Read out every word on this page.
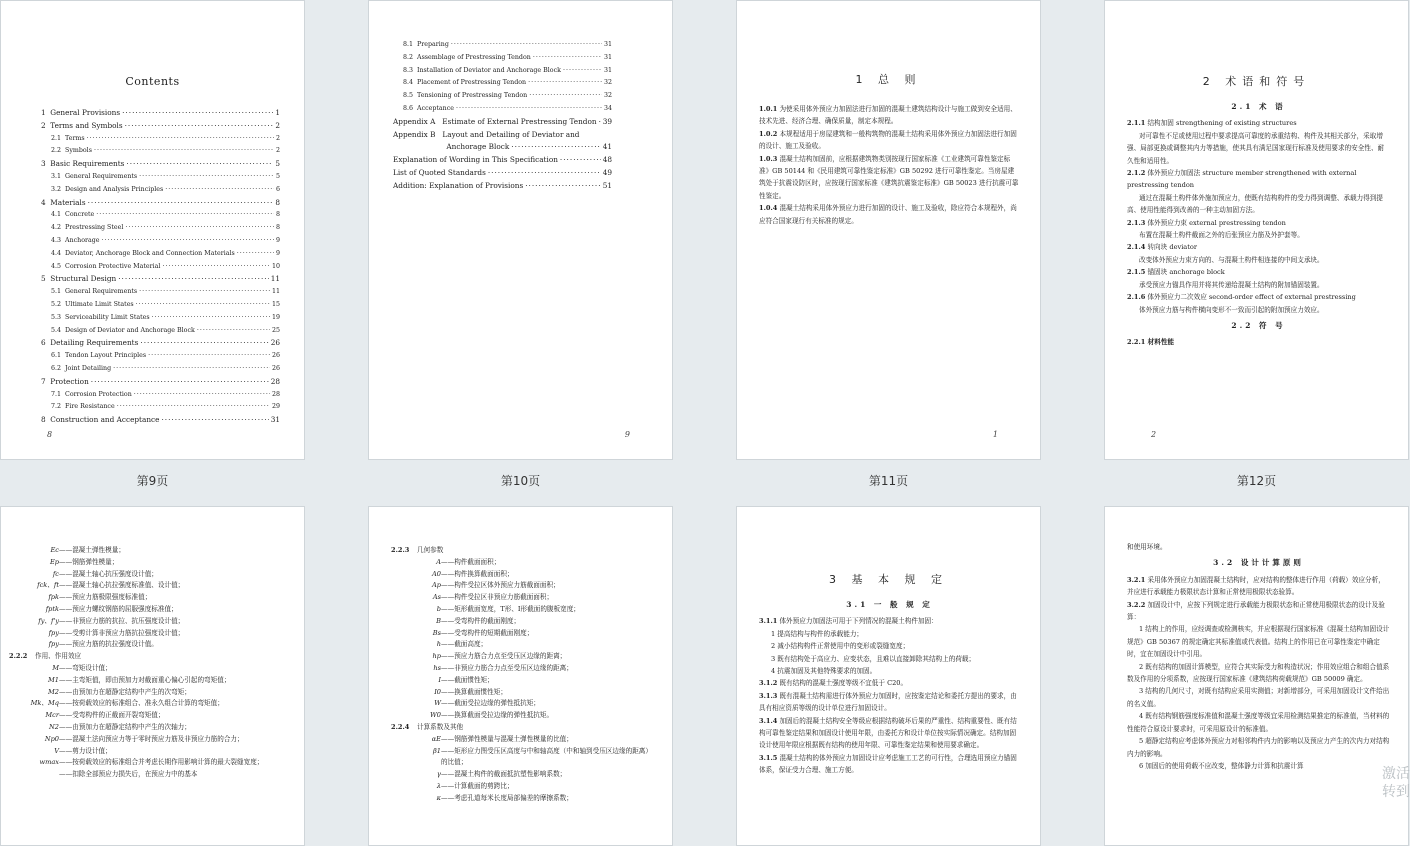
Contents
1  General Provisions ·····	1
2  Terms and Symbols ·····	2
2.1  Terms ·····	2
2.2  Symbols ·····	2
3  Basic Requirements ·····	5
3.1  General Requirements ·····	5
3.2  Design and Analysis Principles ·····	6
4  Materials ·····	8
4.1  Concrete ·····	8
4.2  Prestressing Steel ·····	8
4.3  Anchorage ·····	9
4.4  Deviator, Anchorage Block and Connection Materials ·····	9
4.5  Corrosion Protective Material ·····	10
5  Structural Design ·····	11
5.1  General Requirements ·····	11
5.2  Ultimate Limit States ·····	15
5.3  Serviceability Limit States ·····	19
5.4  Design of Deviator and Anchorage Block ·····	25
6  Detailing Requirements ·····	26
6.1  Tendon Layout Principles ·····	26
6.2  Joint Detailing ·····	26
7  Protection ·····	28
7.1  Corrosion Protection ·····	28
7.2  Fire Resistance ·····	29
8  Construction and Acceptance ·····	31
8
第9页
8.1  Preparing ·····	31
8.2  Assemblage of Prestressing Tendon ·····	31
8.3  Installation of Deviator and Anchorage Block ·····	31
8.4  Placement of Prestressing Tendon ·····	32
8.5  Tensioning of Prestressing Tendon ·····	32
8.6  Acceptance ·····	34
Appendix A   Estimate of External Prestressing Tendon ····· 39
Appendix B   Layout and Detailing of Deviator and
Anchorage Block ·····	41
Explanation of Wording in This Specification ·····	48
List of Quoted Standards ·····	49
Addition: Explanation of Provisions ·····	51
9
第10页
1 总 则

1.0.1 为使采用体外预应力加固法进行加固的混凝土建筑结构设计与施工做到安全适用、技术先进、经济合理、确保质量，制定本规程。

1.0.2 本规程适用于房屋建筑和一般构筑物的混凝土结构采用体外预应力加固法进行加固的设计、施工及验收。

1.0.3 混凝土结构加固前，应根据建筑物类别按现行国家标准《工业建筑可靠性鉴定标准》GB 50144 和《民用建筑可靠性鉴定标准》GB 50292 进行可靠性鉴定。当房屋建筑处于抗震设防区时，应按现行国家标准《建筑抗震鉴定标准》GB 50023 进行抗震可靠性鉴定。

1.0.4 混凝土结构采用体外预应力进行加固的设计、施工及验收，除应符合本规程外，尚应符合国家现行有关标准的规定。

1
第11页
2 术语和符号
2.1 术 语

2.1.1 结构加固 strengthening of existing structures

对可靠性不足或使用过程中要求提高可靠度的承重结构、构件及其相关部分，采取增强、局部更换或调整其内力等措施，使其具有满足国家现行标准及使用要求的安全性、耐久性和适用性。

2.1.2 体外预应力加固法 structure member strengthened with external prestressing tendon

通过在混凝土构件体外施加预应力，使既有结构构件的受力得到调整、承载力得到提高、使用性能得到改善的一种主动加固方法。

2.1.3 体外预应力束 external prestressing tendon

布置在混凝土构件截面之外的后张预应力筋及外护套等。

2.1.4 转向块 deviator

改变体外预应力束方向的、与混凝土构件相连接的中间支承块。

2.1.5 锚固块 anchorage block

承受预应力锚具作用并将其传递给混凝土结构的附加锚固装置。

2.1.6 体外预应力二次效应 second-order effect of external prestressing

体外预应力筋与构件横向变形不一致而引起的附加预应力效应。

2.2 符 号

2.2.1 材料性能

2
第12页
Ec ——混凝土弹性模量；
Ep ——钢筋弹性模量；
fc ——混凝土轴心抗压强度设计值；
fck、ft ——混凝土轴心抗拉强度标准值、设计值；
fpk ——预应力筋极限强度标准值；
fptk ——预应力螺纹钢筋的屈服强度标准值；
fy、f'y ——非预应力筋的抗拉、抗压强度设计值；
fpy ——受剪计算非预应力筋抗拉强度设计值；
fpy ——预应力筋的抗拉强度设计值。
2.2.2	作用、作用效应
M ——弯矩设计值；
M1 ——主弯矩值，即由预加力对截面重心偏心引起的弯矩值；
M2 ——由预加力在超静定结构中产生的次弯矩；
Mk、Mq ——按荷载效应的标准组合、准永久组合计算的弯矩值；
Mcr ——受弯构件的正截面开裂弯矩值；
N2 ——由预加力在超静定结构中产生的次轴力；
Np0 ——混凝土法向预应力等于零时预应力筋及非预应力筋的合力；
V ——剪力设计值；
wmax ——按荷载效应的标准组合并考虑长期作用影响计算的最大裂缝宽度；
——扣除全部预应力损失后，在预应力中的基本
2.2.3	几何参数
A ——构件截面面积；
A0 ——构件换算截面面积；
Ap ——构件受拉区体外预应力筋截面面积；
As ——构件受拉区非预应力筋截面面积；
b ——矩形截面宽度，T形、I形截面的腹板宽度；
B ——受弯构件的截面刚度；
Bs ——受弯构件的短期截面刚度；
h ——截面高度；
hp ——预应力筋合力点至受压区边缘的距离；
hs ——非预应力筋合力点至受压区边缘的距离；
I ——截面惯性矩；
I0 ——换算截面惯性矩；
W ——截面受拉边缘的弹性抵抗矩；
W0 ——换算截面受拉边缘的弹性抵抗矩。
2.2.4	计算系数及其他
αE ——钢筋弹性模量与混凝土弹性模量的比值；
β1 ——矩形应力图受压区高度与中和轴高度（中和轴到受压区边缘的距离）的比值；
γ ——混凝土构件的截面抵抗塑性影响系数；
λ ——计算截面的剪跨比；
κ ——考虑孔道每米长度局部偏差的摩擦系数；
3 基 本 规 定
3.1 一 般 规 定

3.1.1 体外预应力加固法可用于下列情况的混凝土构件加固：

1 提高结构与构件的承载能力；

2 减小结构构件正常使用中的变形或裂缝宽度；

3 既有结构处于高应力、应变状态，且难以直接卸除其结构上的荷载；

4 抗震加固及其他特殊要求的加固。

3.1.2 既有结构的混凝土强度等级不宜低于 C20。

3.1.3 既有混凝土结构需进行体外预应力加固时，应按鉴定结论和委托方提出的要求，由具有相应资质等级的设计单位进行加固设计。

3.1.4 加固后的混凝土结构安全等级应根据结构破坏后果的严重性、结构重要性、既有结构可靠性鉴定结果和加固设计使用年限，由委托方和设计单位按实际情况确定。结构加固设计使用年限应根据既有结构的使用年限、可靠性鉴定结果和使用要求确定。

3.1.5 混凝土结构的体外预应力加固设计应考虑施工工艺的可行性，合理选用预应力锚固体系，保证受力合理、施工方便。

和使用环境。

3.2 设计计算原则

3.2.1 采用体外预应力加固混凝土结构时，应对结构的整体进行作用（荷载）效应分析，并应进行承载能力极限状态计算和正常使用极限状态验算。

3.2.2 加固设计中，应按下列规定进行承载能力极限状态和正常使用极限状态的设计及验算：

1 结构上的作用，应经调查或检测核实，并应根据现行国家标准《混凝土结构加固设计规范》GB 50367 的规定确定其标准值或代表值。结构上的作用已在可靠性鉴定中确定时，宜在加固设计中引用。

2 既有结构的加固计算模型，应符合其实际受力和构造状况；作用效应组合和组合值系数及作用的分项系数，应按现行国家标准《建筑结构荷载规范》GB 50009 确定。

3 结构的几何尺寸，对既有结构应采用实测值；对新增部分，可采用加固设计文件给出的名义值。

4 既有结构钢筋强度标准值和混凝土强度等级宜采用检测结果推定的标准值，当材料的性能符合原设计要求时，可采用原设计的标准值。

5 超静定结构应考虑体外预应力对相邻构件内力的影响以及预应力产生的次内力对结构内力的影响。

6 加固后的使用荷载不应改变，整体静力计算和抗震计算

激活
转到
